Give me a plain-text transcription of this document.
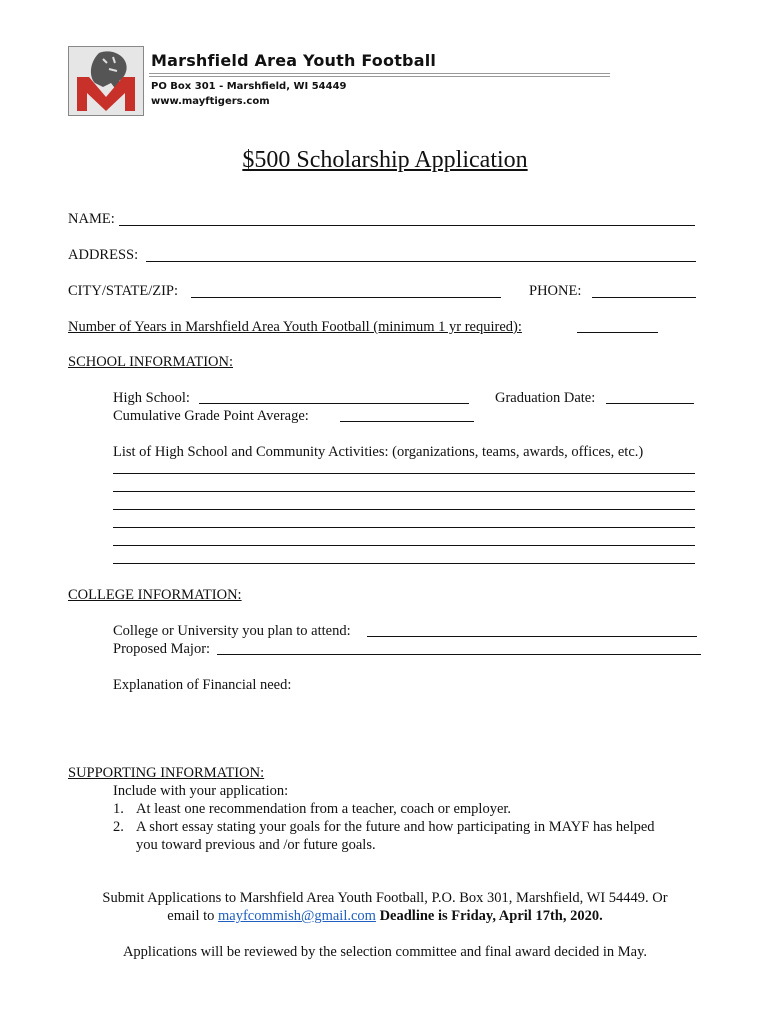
Marshfield Area Youth Football
PO Box 301 - Marshfield, WI 54449
www.mayftigers.com
$500 Scholarship Application
NAME:
ADDRESS:
CITY/STATE/ZIP:	PHONE:
Number of Years in Marshfield Area Youth Football (minimum 1 yr required):
SCHOOL INFORMATION:
High School:	Graduation Date:
Cumulative Grade Point Average:
List of High School and Community Activities: (organizations, teams, awards, offices, etc.)
COLLEGE INFORMATION:
College or University you plan to attend:
Proposed Major:
Explanation of Financial need:
SUPPORTING INFORMATION:
Include with your application:
1. At least one recommendation from a teacher, coach or employer.
2. A short essay stating your goals for the future and how participating in MAYF has helped
you toward previous and /or future goals.
Submit Applications to Marshfield Area Youth Football, P.O. Box 301, Marshfield, WI 54449. Or
email to mayfcommish@gmail.com Deadline is Friday, April 17th, 2020.
Applications will be reviewed by the selection committee and final award decided in May.
